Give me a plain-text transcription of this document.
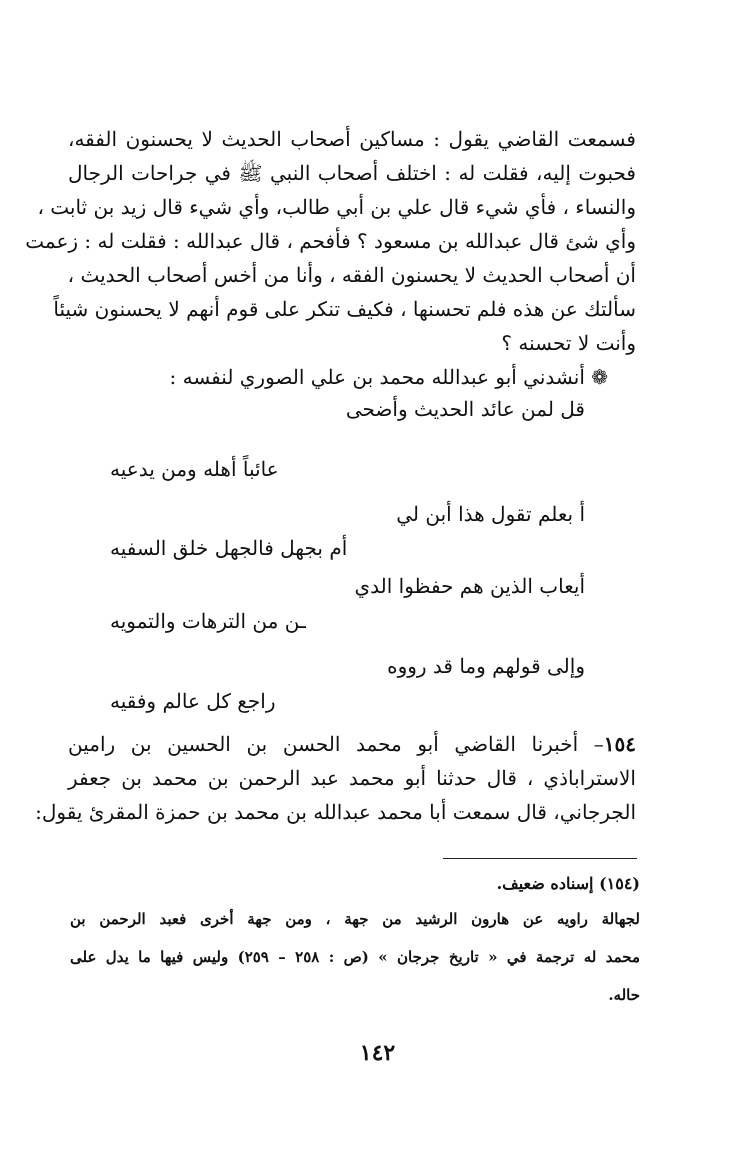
فسمعت القاضي يقول : مساكين أصحاب الحديث لا يحسنون الفقه،
فحبوت إليه، فقلت له : اختلف أصحاب النبي ﷺ في جراحات الرجال
والنساء ، فأي شيء قال علي بن أبي طالب، وأي شيء قال زيد بن ثابت ،
وأي شئ قال عبدالله بن مسعود ؟ فأفحم ، قال عبدالله : فقلت له : زعمت
أن أصحاب الحديث لا يحسنون الفقه ، وأنا من أخس أصحاب الحديث ،
سألتك عن هذه فلم تحسنها ، فكيف تنكر على قوم أنهم لا يحسنون شيئاً
وأنت لا تحسنه ؟
❁ أنشدني أبو عبدالله محمد بن علي الصوري لنفسه :
قل لمن عائد الحديث وأضحى
عائباً أهله ومن يدعيه
أ بعلم تقول هذا أبن لي
أم بجهل فالجهل خلق السفيه
أيعاب الذين هم حفظوا الدي
ـن من الترهات والتمويه
وإلى قولهم وما قد رووه
راجع كل عالم وفقيه
١٥٤– أخبرنا القاضي أبو محمد الحسن بن الحسين بن رامين
الاستراباذي ، قال حدثنا أبو محمد عبد الرحمن بن محمد بن جعفر
الجرجاني، قال سمعت أبا محمد عبدالله بن محمد بن حمزة المقرئ يقول:
(١٥٤) إسناده ضعيف.
لجهالة راويه عن هارون الرشيد من جهة ، ومن جهة أخرى فعبد الرحمن بن
محمد له ترجمة في « تاريخ جرجان » (ص : ٢٥٨ – ٢٥٩) وليس فيها ما يدل على
حاله.
١٤٢
